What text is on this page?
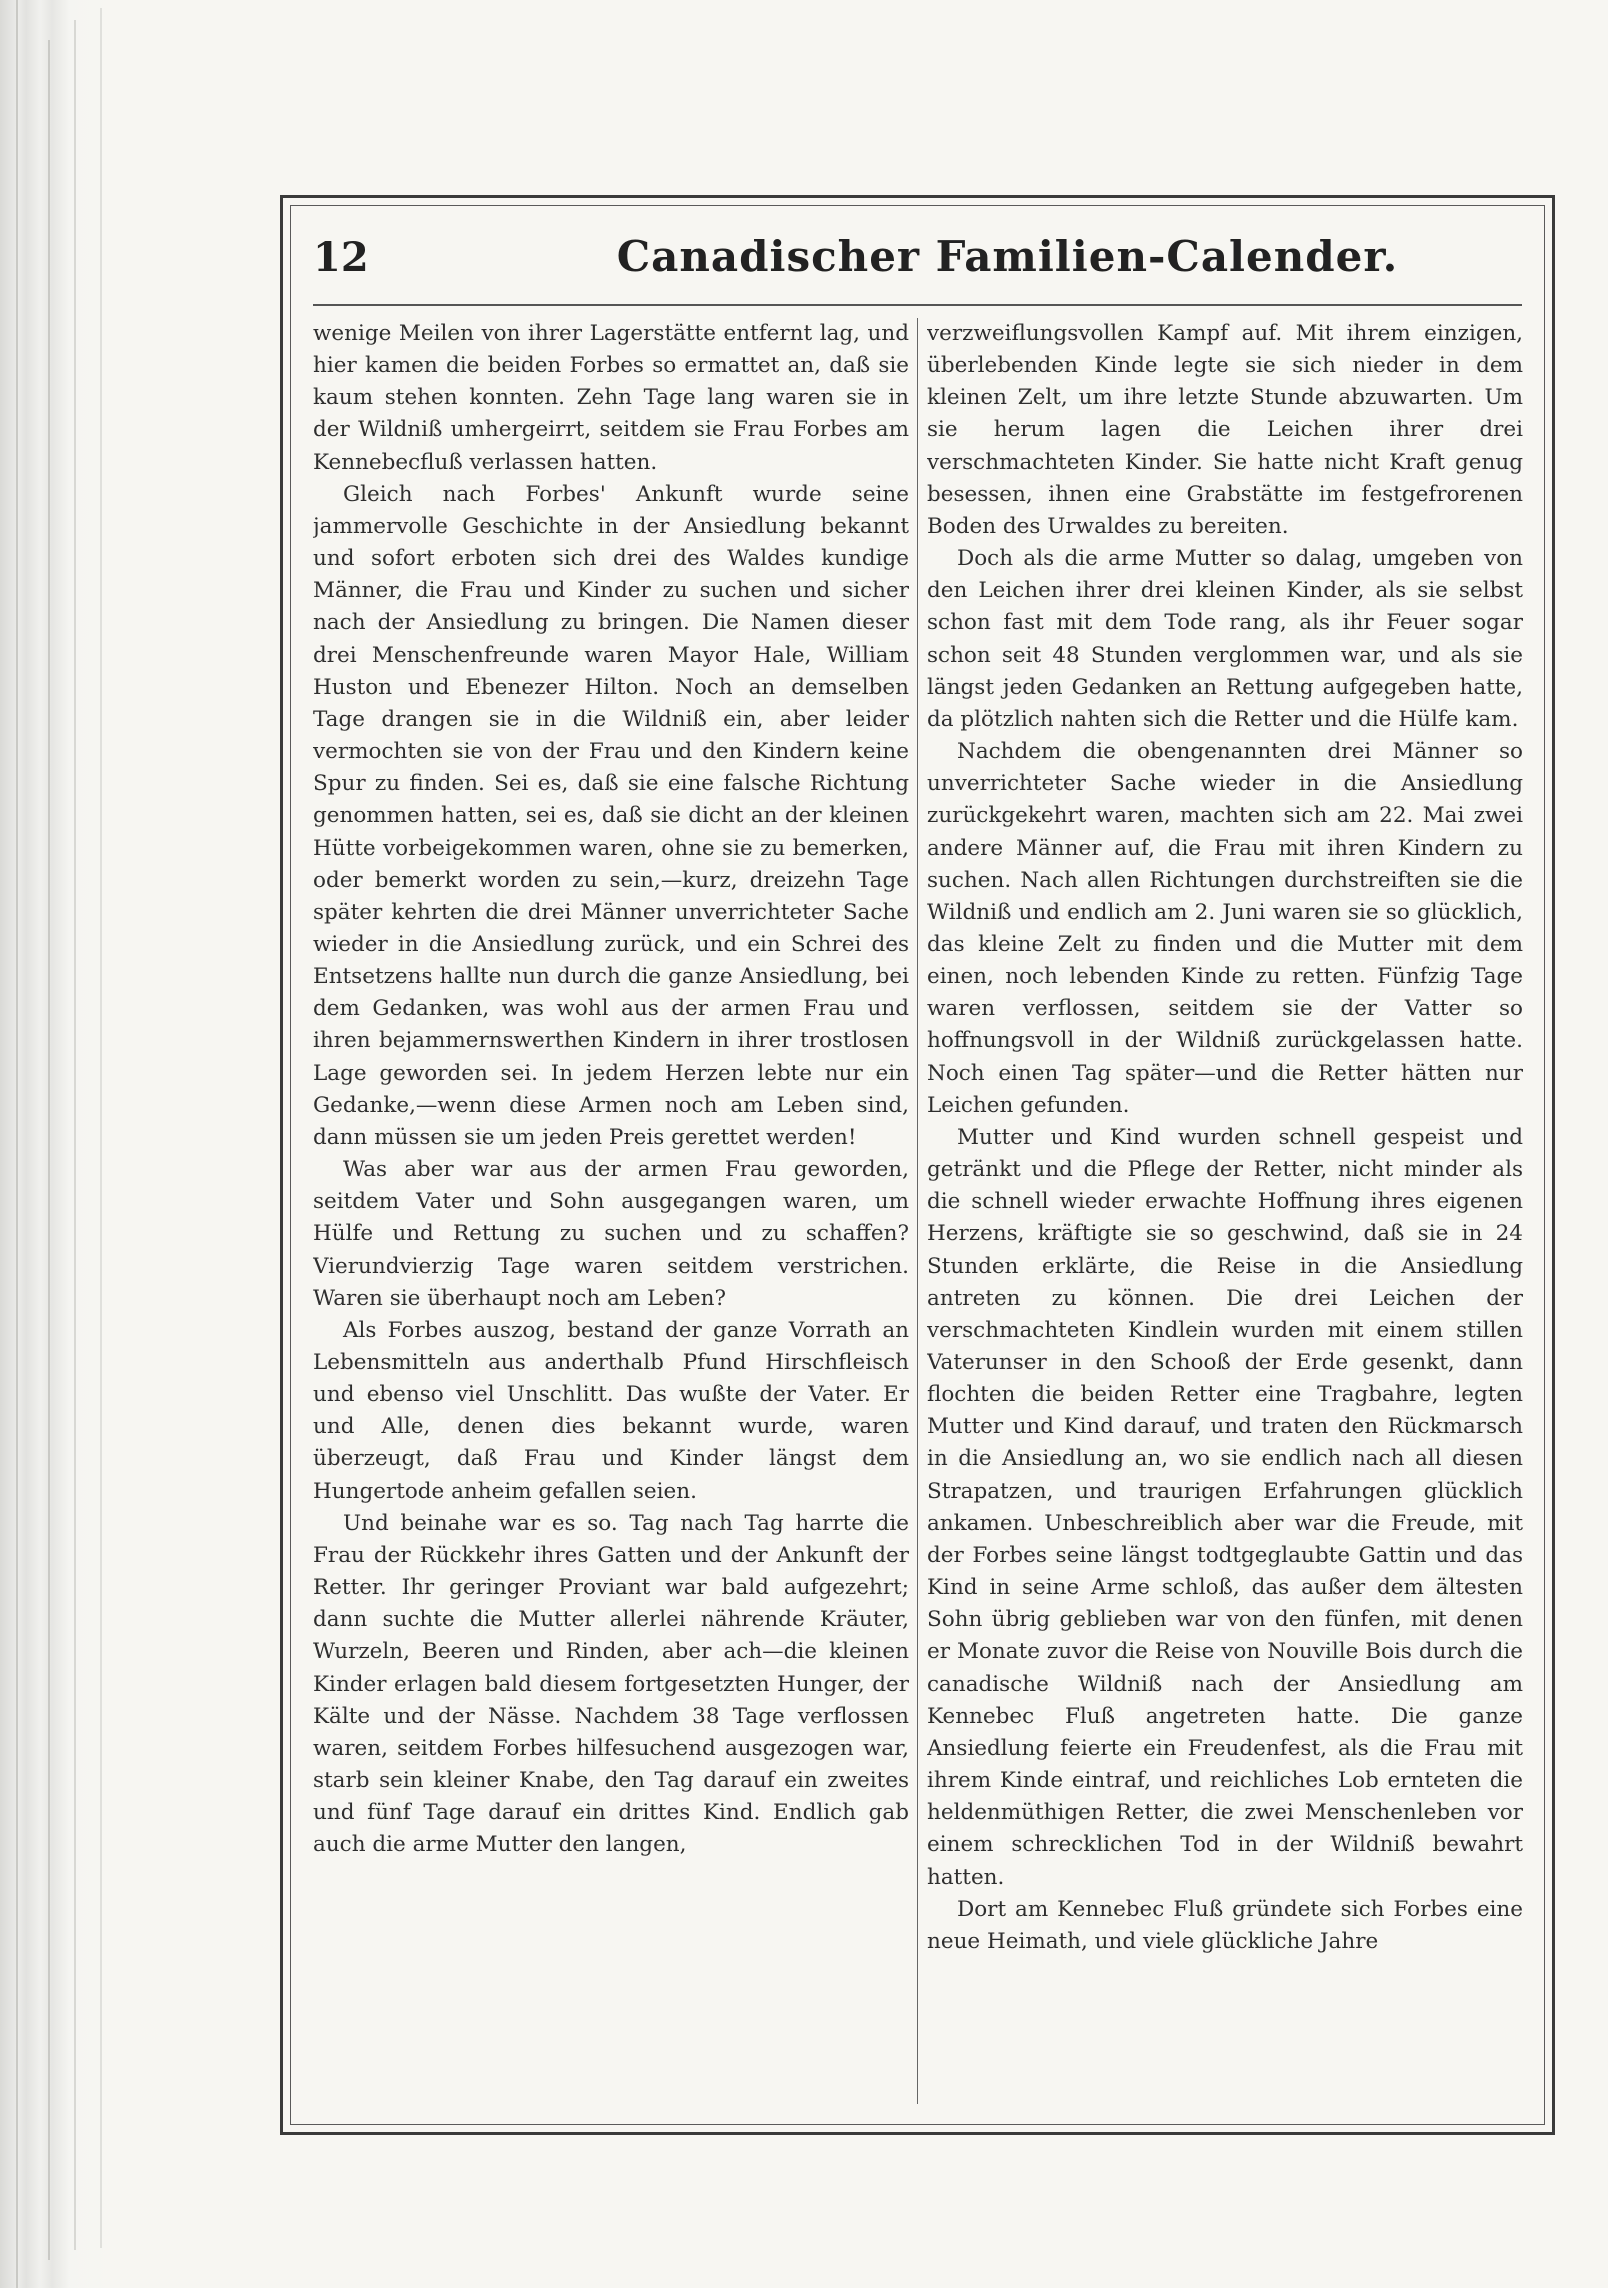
12	Canadischer Familien-Calender.

wenige Meilen von ihrer Lagerstätte entfernt lag, und hier kamen die beiden Forbes so ermattet an, daß sie kaum stehen konnten. Zehn Tage lang waren sie in der Wildniß umhergeirrt, seitdem sie Frau Forbes am Kennebecfluß verlassen hatten.

Gleich nach Forbes' Ankunft wurde seine jammervolle Geschichte in der Ansiedlung bekannt und sofort erboten sich drei des Waldes kundige Männer, die Frau und Kinder zu suchen und sicher nach der Ansiedlung zu bringen. Die Namen dieser drei Menschenfreunde waren Mayor Hale, William Huston und Ebenezer Hilton. Noch an demselben Tage drangen sie in die Wildniß ein, aber leider vermochten sie von der Frau und den Kindern keine Spur zu finden. Sei es, daß sie eine falsche Richtung genommen hatten, sei es, daß sie dicht an der kleinen Hütte vorbeigekommen waren, ohne sie zu bemerken, oder bemerkt worden zu sein,—kurz, dreizehn Tage später kehrten die drei Männer unverrichteter Sache wieder in die Ansiedlung zurück, und ein Schrei des Entsetzens hallte nun durch die ganze Ansiedlung, bei dem Gedanken, was wohl aus der armen Frau und ihren bejammernswerthen Kindern in ihrer trostlosen Lage geworden sei. In jedem Herzen lebte nur ein Gedanke,—wenn diese Armen noch am Leben sind, dann müssen sie um jeden Preis gerettet werden!

Was aber war aus der armen Frau geworden, seitdem Vater und Sohn ausgegangen waren, um Hülfe und Rettung zu suchen und zu schaffen? Vierundvierzig Tage waren seitdem verstrichen. Waren sie überhaupt noch am Leben?

Als Forbes auszog, bestand der ganze Vorrath an Lebensmitteln aus anderthalb Pfund Hirschfleisch und ebenso viel Unschlitt. Das wußte der Vater. Er und Alle, denen dies bekannt wurde, waren überzeugt, daß Frau und Kinder längst dem Hungertode anheim gefallen seien.

Und beinahe war es so. Tag nach Tag harrte die Frau der Rückkehr ihres Gatten und der Ankunft der Retter. Ihr geringer Proviant war bald aufgezehrt; dann suchte die Mutter allerlei nährende Kräuter, Wurzeln, Beeren und Rinden, aber ach—die kleinen Kinder erlagen bald diesem fortgesetzten Hunger, der Kälte und der Nässe. Nachdem 38 Tage verflossen waren, seitdem Forbes hilfesuchend ausgezogen war, starb sein kleiner Knabe, den Tag darauf ein zweites und fünf Tage darauf ein drittes Kind. Endlich gab auch die arme Mutter den langen,

verzweiflungsvollen Kampf auf. Mit ihrem einzigen, überlebenden Kinde legte sie sich nieder in dem kleinen Zelt, um ihre letzte Stunde abzuwarten. Um sie herum lagen die Leichen ihrer drei verschmachteten Kinder. Sie hatte nicht Kraft genug besessen, ihnen eine Grabstätte im festgefrorenen Boden des Urwaldes zu bereiten.

Doch als die arme Mutter so dalag, umgeben von den Leichen ihrer drei kleinen Kinder, als sie selbst schon fast mit dem Tode rang, als ihr Feuer sogar schon seit 48 Stunden verglommen war, und als sie längst jeden Gedanken an Rettung aufgegeben hatte, da plötzlich nahten sich die Retter und die Hülfe kam.

Nachdem die obengenannten drei Männer so unverrichteter Sache wieder in die Ansiedlung zurückgekehrt waren, machten sich am 22. Mai zwei andere Männer auf, die Frau mit ihren Kindern zu suchen. Nach allen Richtungen durchstreiften sie die Wildniß und endlich am 2. Juni waren sie so glücklich, das kleine Zelt zu finden und die Mutter mit dem einen, noch lebenden Kinde zu retten. Fünfzig Tage waren verflossen, seitdem sie der Vatter so hoffnungsvoll in der Wildniß zurückgelassen hatte. Noch einen Tag später—und die Retter hätten nur Leichen gefunden.

Mutter und Kind wurden schnell gespeist und getränkt und die Pflege der Retter, nicht minder als die schnell wieder erwachte Hoffnung ihres eigenen Herzens, kräftigte sie so geschwind, daß sie in 24 Stunden erklärte, die Reise in die Ansiedlung antreten zu können. Die drei Leichen der verschmachteten Kindlein wurden mit einem stillen Vaterunser in den Schooß der Erde gesenkt, dann flochten die beiden Retter eine Tragbahre, legten Mutter und Kind darauf, und traten den Rückmarsch in die Ansiedlung an, wo sie endlich nach all diesen Strapatzen, und traurigen Erfahrungen glücklich ankamen. Unbeschreiblich aber war die Freude, mit der Forbes seine längst todtgeglaubte Gattin und das Kind in seine Arme schloß, das außer dem ältesten Sohn übrig geblieben war von den fünfen, mit denen er Monate zuvor die Reise von Nouville Bois durch die canadische Wildniß nach der Ansiedlung am Kennebec Fluß angetreten hatte. Die ganze Ansiedlung feierte ein Freudenfest, als die Frau mit ihrem Kinde eintraf, und reichliches Lob ernteten die heldenmüthigen Retter, die zwei Menschenleben vor einem schrecklichen Tod in der Wildniß bewahrt hatten.

Dort am Kennebec Fluß gründete sich Forbes eine neue Heimath, und viele glückliche Jahre
